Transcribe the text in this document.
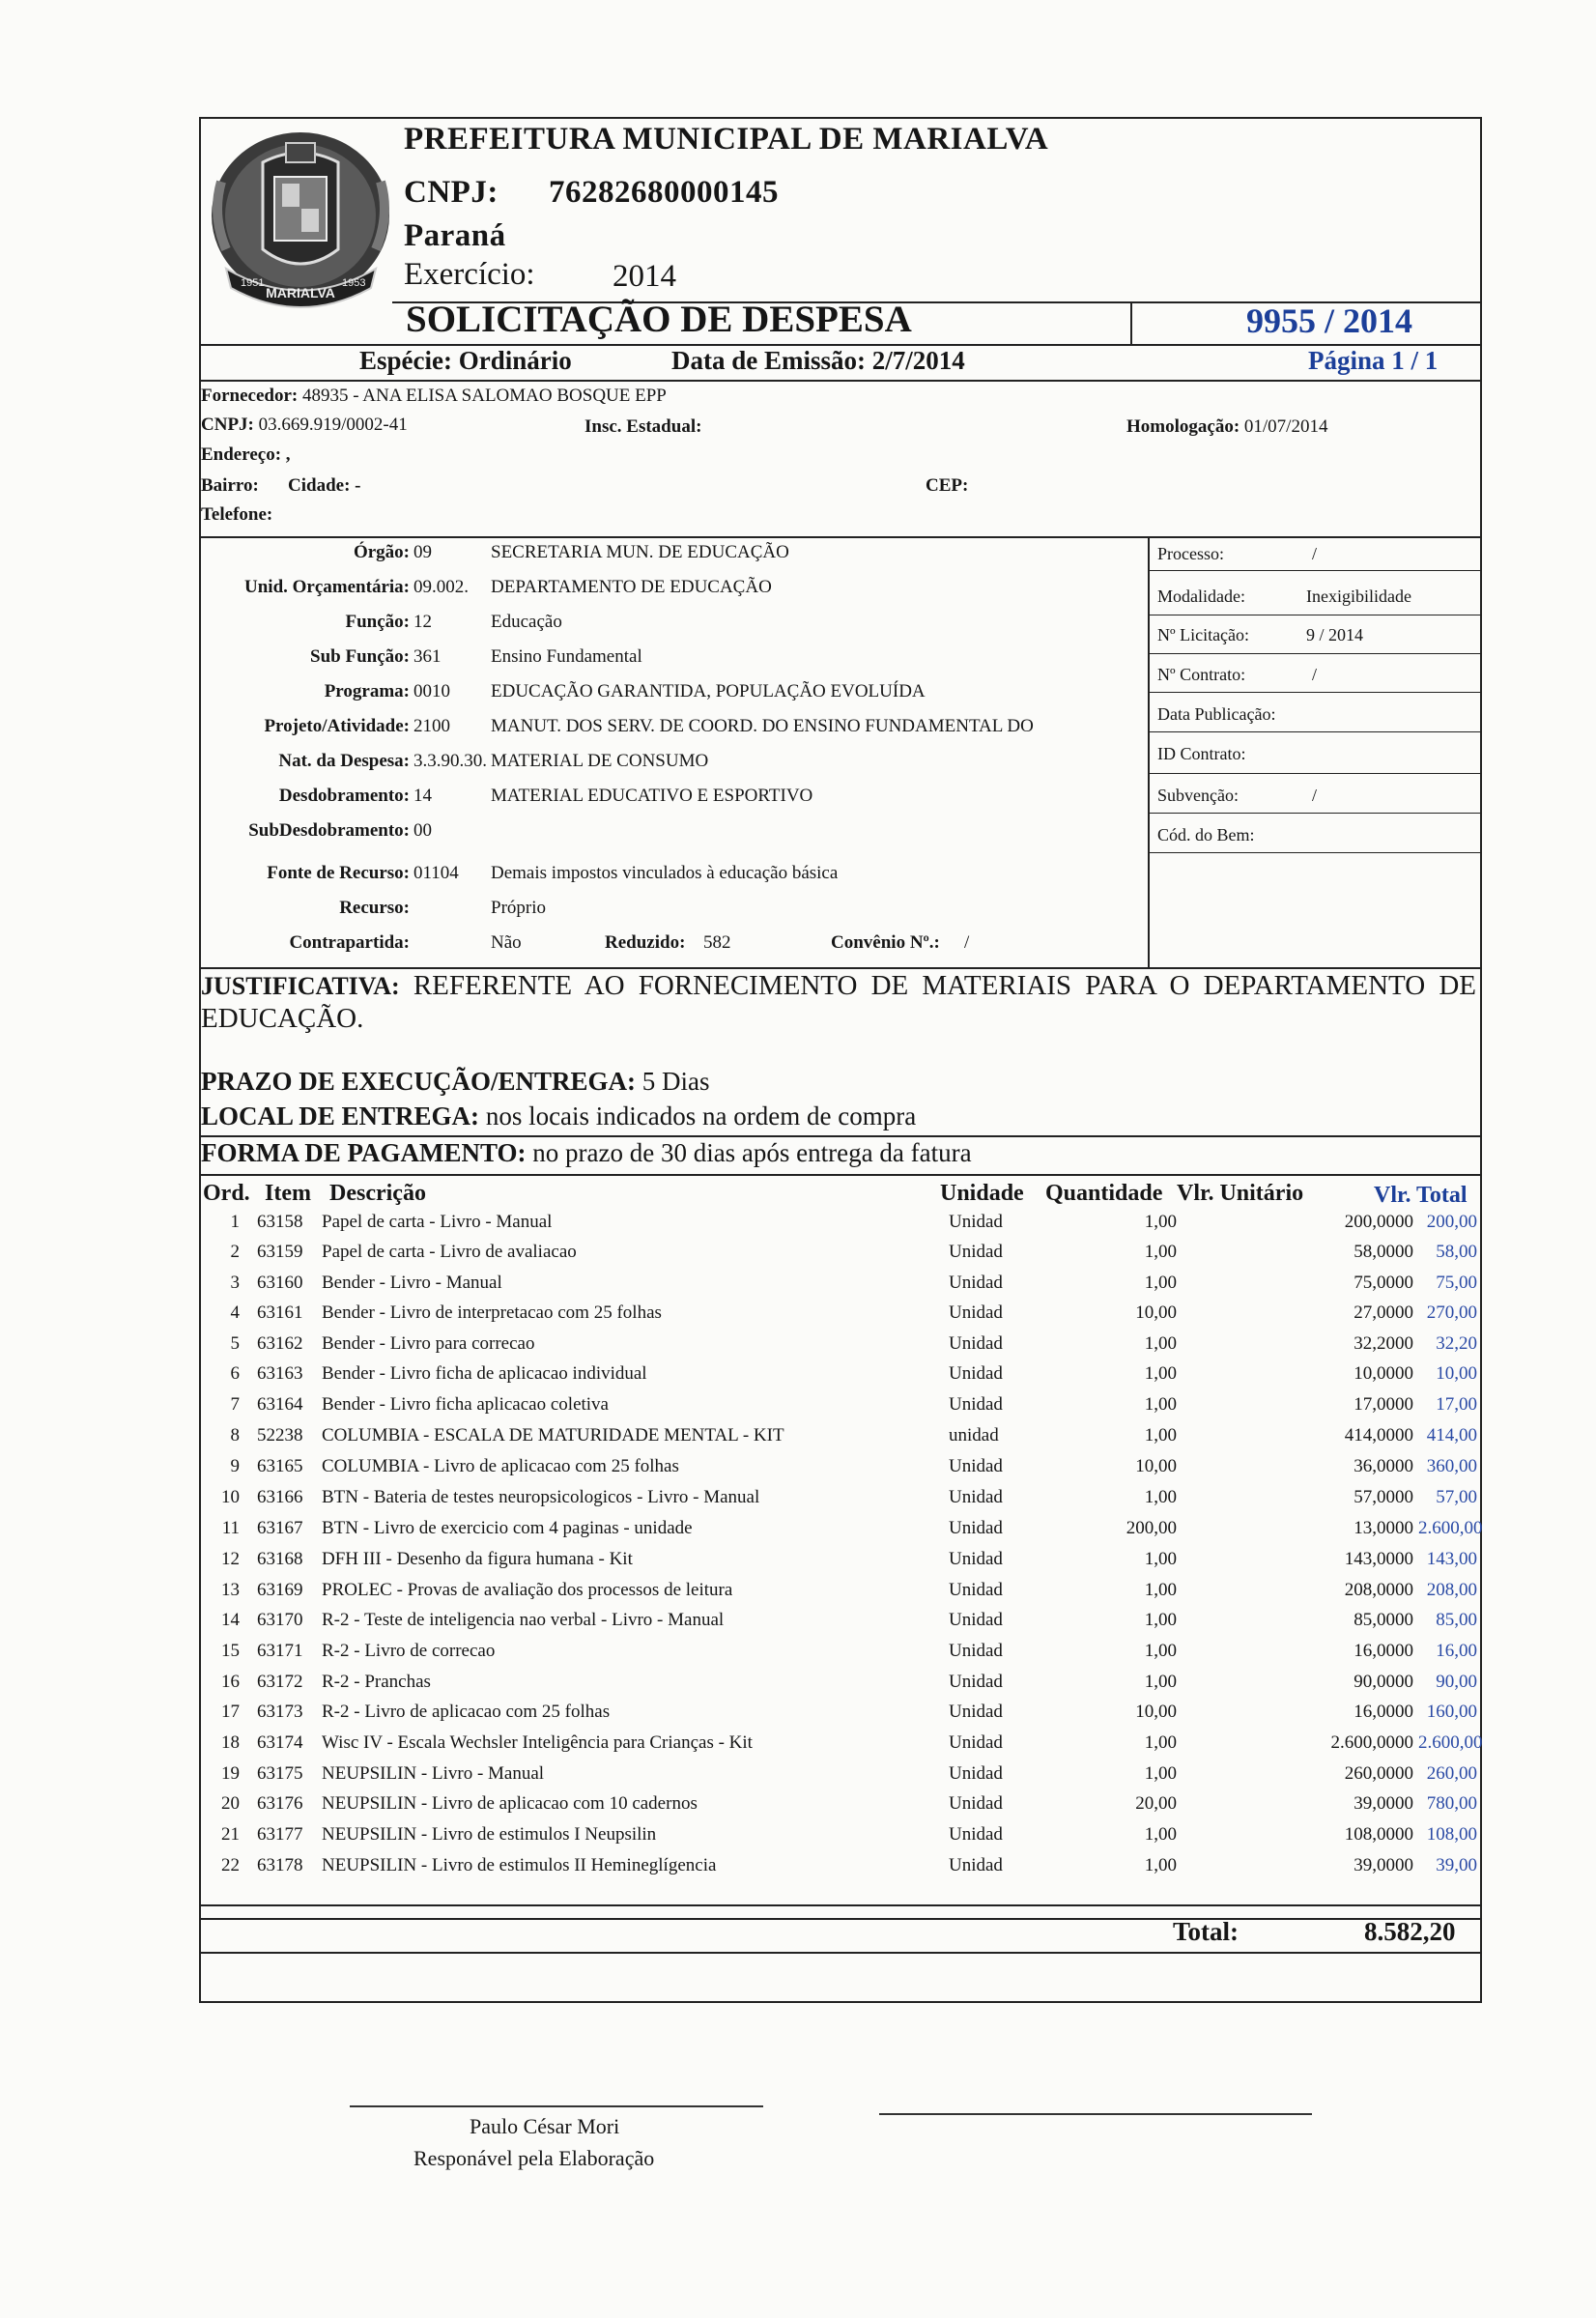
MARIALVA
1951	1953
PREFEITURA MUNICIPAL DE MARIALVA
CNPJ: 76282680000145
Paraná
Exercício: 2014
SOLICITAÇÃO DE DESPESA	9955 / 2014
Espécie: Ordinário	Data de Emissão: 2/7/2014	Página 1 / 1
Fornecedor: 48935 - ANA ELISA SALOMAO BOSQUE EPP
CNPJ: 03.669.919/0002-41	Insc. Estadual:	Homologação: 01/07/2014
Endereço: ,
Bairro: Cidade: -	CEP:
Telefone:
Órgão: 09	SECRETARIA MUN. DE EDUCAÇÃO
Unid. Orçamentária: 09.002. DEPARTAMENTO DE EDUCAÇÃO
Função: 12	Educação
Sub Função: 361	Ensino Fundamental
Programa: 0010 EDUCAÇÃO GARANTIDA, POPULAÇÃO EVOLUÍDA
Projeto/Atividade: 2100 MANUT. DOS SERV. DE COORD. DO ENSINO FUNDAMENTAL DO
Nat. da Despesa: 3.3.90.30. MATERIAL DE CONSUMO
Desdobramento: 14	MATERIAL EDUCATIVO E ESPORTIVO
SubDesdobramento: 00
Fonte de Recurso: 01104 Demais impostos vinculados à educação básica
Recurso:	Próprio
Contrapartida:	Não	Reduzido: 582	Convênio Nº.: /
Processo:	/
Modalidade:	Inexigibilidade
Nº Licitação:	9 / 2014
Nº Contrato:	/
Data Publicação:
ID Contrato:
Subvenção:	/
Cód. do Bem:
JUSTIFICATIVA: REFERENTE AO FORNECIMENTO DE MATERIAIS PARA O DEPARTAMENTO DE
EDUCAÇÃO.
PRAZO DE EXECUÇÃO/ENTREGA: 5 Dias
LOCAL DE ENTREGA: nos locais indicados na ordem de compra
FORMA DE PAGAMENTO: no prazo de 30 dias após entrega da fatura
Ord. Item Descrição	Unidade Quantidade Vlr. Unitário	Vlr. Total
1 63158 Papel de carta - Livro - Manual	Unidad	1,00	200,0000 200,00
2 63159 Papel de carta - Livro de avaliacao	Unidad	1,00	58,0000	58,00
3 63160 Bender - Livro - Manual	Unidad	1,00	75,0000	75,00
4 63161 Bender - Livro de interpretacao com 25 folhas	Unidad	10,00	27,0000 270,00
5 63162 Bender - Livro para correcao	Unidad	1,00	32,2000	32,20
6 63163 Bender - Livro ficha de aplicacao individual	Unidad	1,00	10,0000	10,00
7 63164 Bender - Livro ficha aplicacao coletiva	Unidad	1,00	17,0000	17,00
8 52238 COLUMBIA - ESCALA DE MATURIDADE MENTAL - KIT	unidad	1,00	414,0000 414,00
9 63165 COLUMBIA - Livro de aplicacao com 25 folhas	Unidad	10,00	36,0000 360,00
10 63166 BTN - Bateria de testes neuropsicologicos - Livro - Manual	Unidad	1,00	57,0000	57,00
11 63167 BTN - Livro de exercicio com 4 paginas - unidade	Unidad	200,00	13,0000 2.600,00
12 63168 DFH III - Desenho da figura humana - Kit	Unidad	1,00	143,0000 143,00
13 63169 PROLEC - Provas de avaliação dos processos de leitura	Unidad	1,00	208,0000 208,00
14 63170 R-2 - Teste de inteligencia nao verbal - Livro - Manual	Unidad	1,00	85,0000	85,00
15 63171 R-2 - Livro de correcao	Unidad	1,00	16,0000	16,00
16 63172 R-2 - Pranchas	Unidad	1,00	90,0000	90,00
17 63173 R-2 - Livro de aplicacao com 25 folhas	Unidad	10,00	16,0000 160,00
18 63174 Wisc IV - Escala Wechsler Inteligência para Crianças - Kit	Unidad	1,00	2.600,0000 2.600,00
19 63175 NEUPSILIN - Livro - Manual	Unidad	1,00	260,0000 260,00
20 63176 NEUPSILIN - Livro de aplicacao com 10 cadernos	Unidad	20,00	39,0000 780,00
21 63177 NEUPSILIN - Livro de estimulos I Neupsilin	Unidad	1,00	108,0000 108,00
22 63178 NEUPSILIN - Livro de estimulos II Hemineglígencia	Unidad	1,00	39,0000	39,00
Total:	8.582,20
Paulo César Mori
Responável pela Elaboração
